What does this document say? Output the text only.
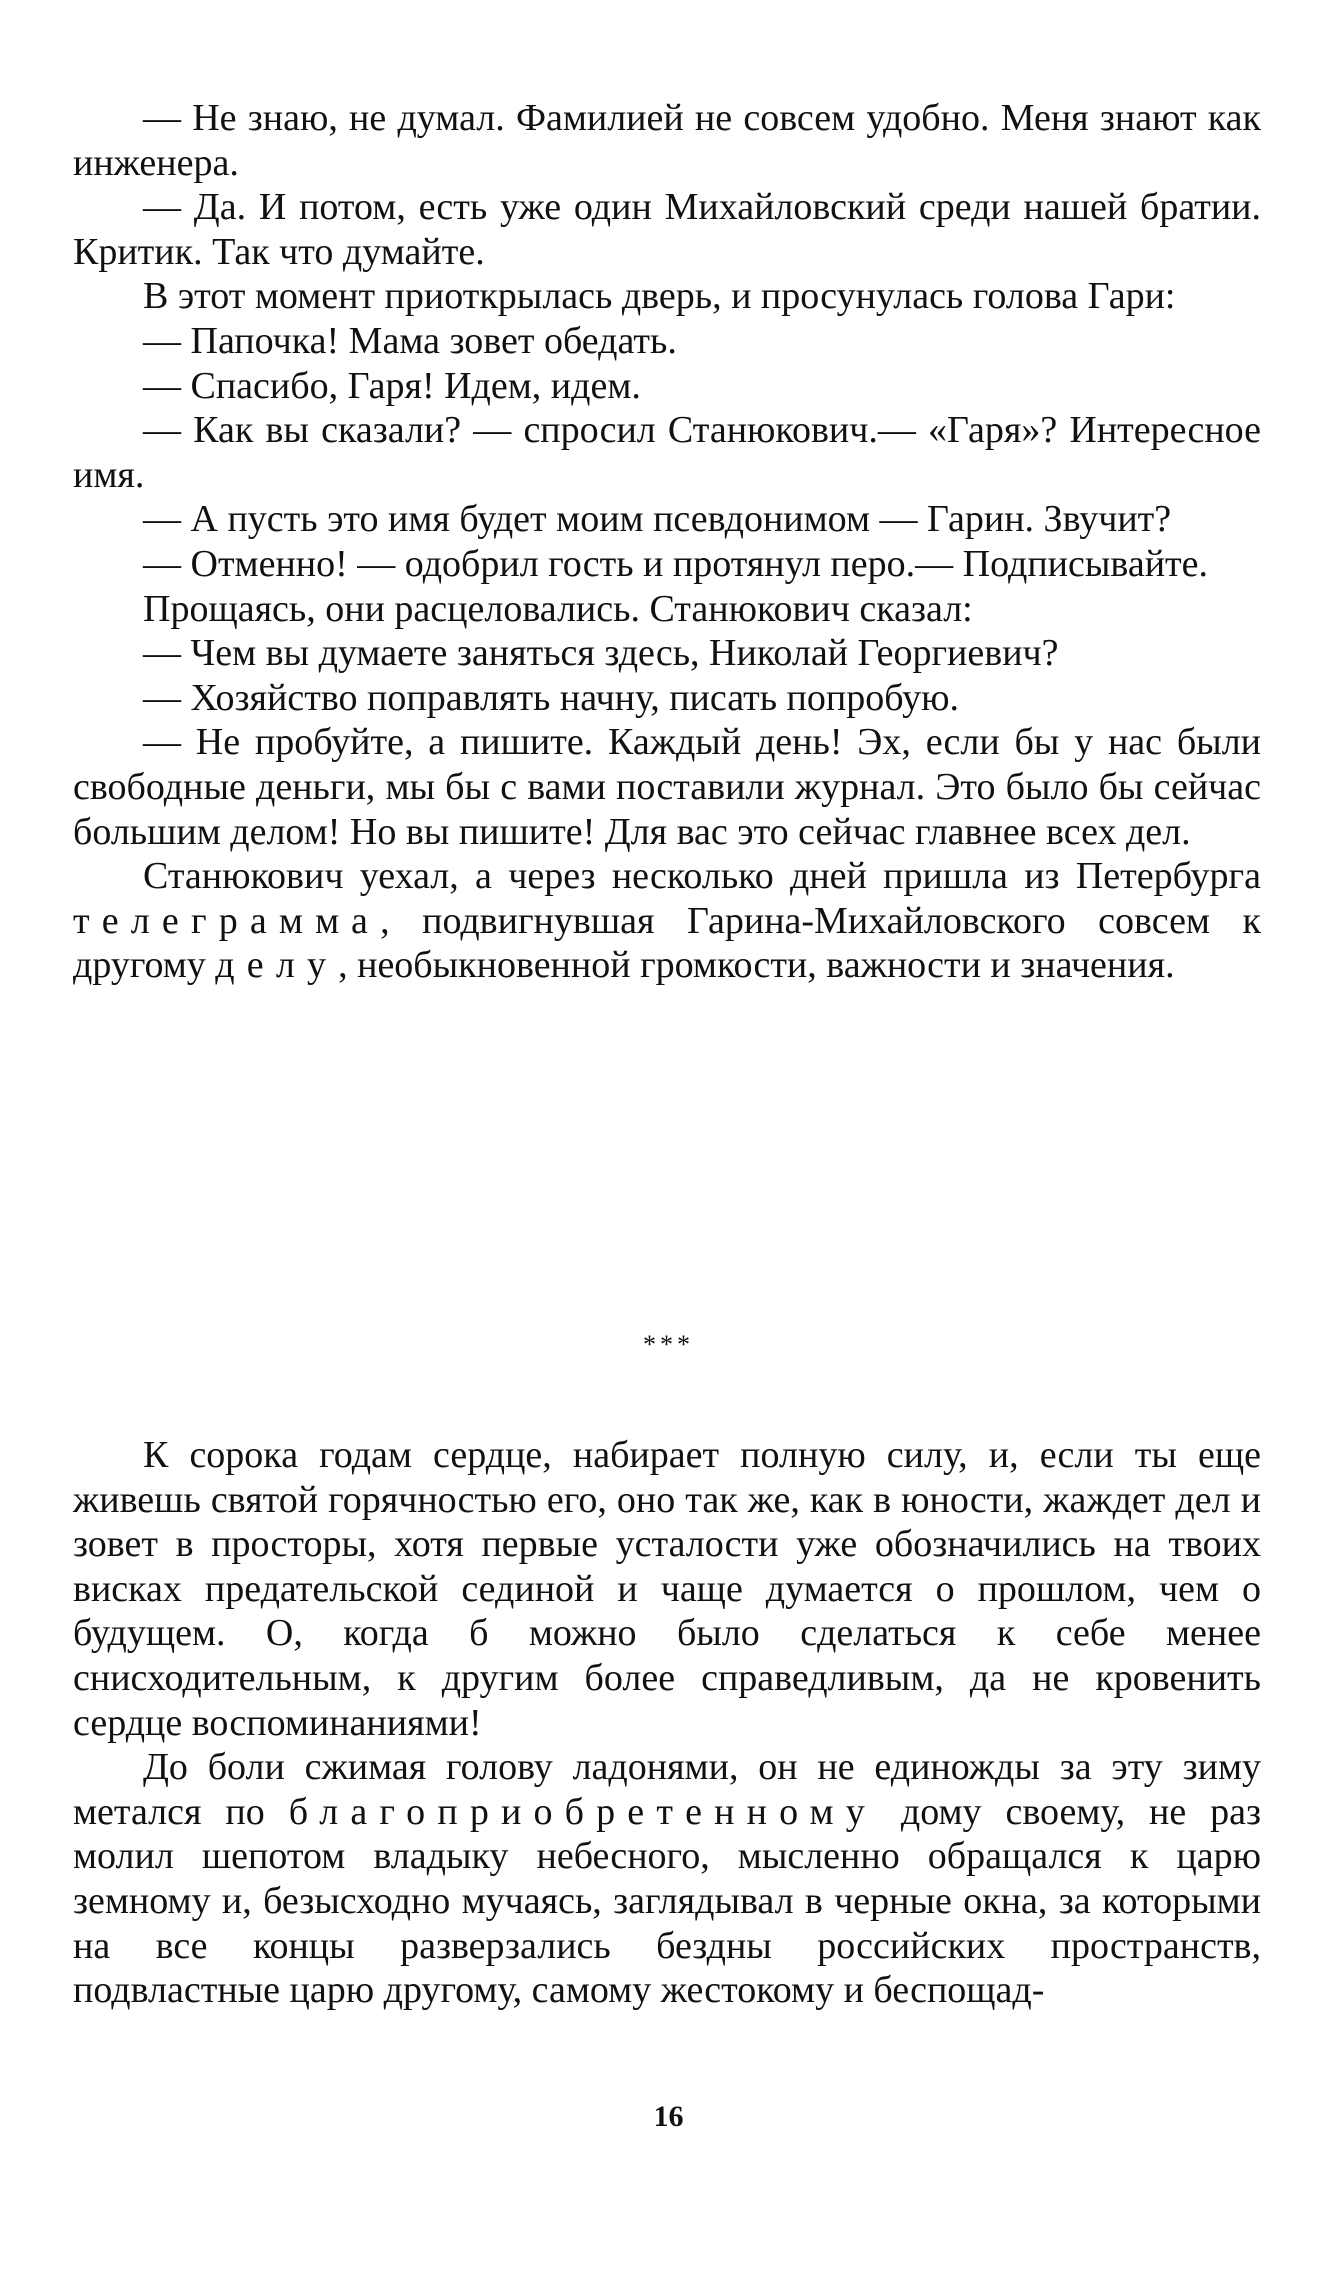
— Не знаю, не думал. Фамилией не совсем удобно. Меня знают как инженера.

— Да. И потом, есть уже один Михайловский среди нашей братии. Критик. Так что думайте.

В этот момент приоткрылась дверь, и просунулась голова Гари:

— Папочка! Мама зовет обедать.

— Спасибо, Гаря! Идем, идем.

— Как вы сказали? — спросил Станюкович.— «Гаря»? Интересное имя.

— А пусть это имя будет моим псевдонимом — Гарин. Звучит?

— Отменно! — одобрил гость и протянул перо.— Подписывайте.

Прощаясь, они расцеловались. Станюкович сказал:

— Чем вы думаете заняться здесь, Николай Георгиевич?

— Хозяйство поправлять начну, писать попробую.

— Не пробуйте, а пишите. Каждый день! Эх, если бы у нас были свободные деньги, мы бы с вами поставили журнал. Это было бы сейчас большим делом! Но вы пишите! Для вас это сейчас главнее всех дел.

Станюкович уехал, а через несколько дней пришла из Петербурга телеграмма, подвигнувшая Гарина-Михайловского совсем к другому делу, необыкновенной громкости, важности и значения.

***

К сорока годам сердце, набирает полную силу, и, если ты еще живешь святой горячностью его, оно так же, как в юности, жаждет дел и зовет в просторы, хотя первые усталости уже обозначились на твоих висках предательской сединой и чаще думается о прошлом, чем о будущем. О, когда б можно было сделаться к себе менее снисходительным, к другим более справедливым, да не кровенить сердце воспоминаниями!

До боли сжимая голову ладонями, он не единожды за эту зиму метался по благоприобретенному дому своему, не раз молил шепотом владыку небесного, мысленно обращался к царю земному и, безысходно мучаясь, заглядывал в черные окна, за которыми на все концы разверзались бездны российских пространств, подвластные царю другому, самому жестокому и беспощад-

16
